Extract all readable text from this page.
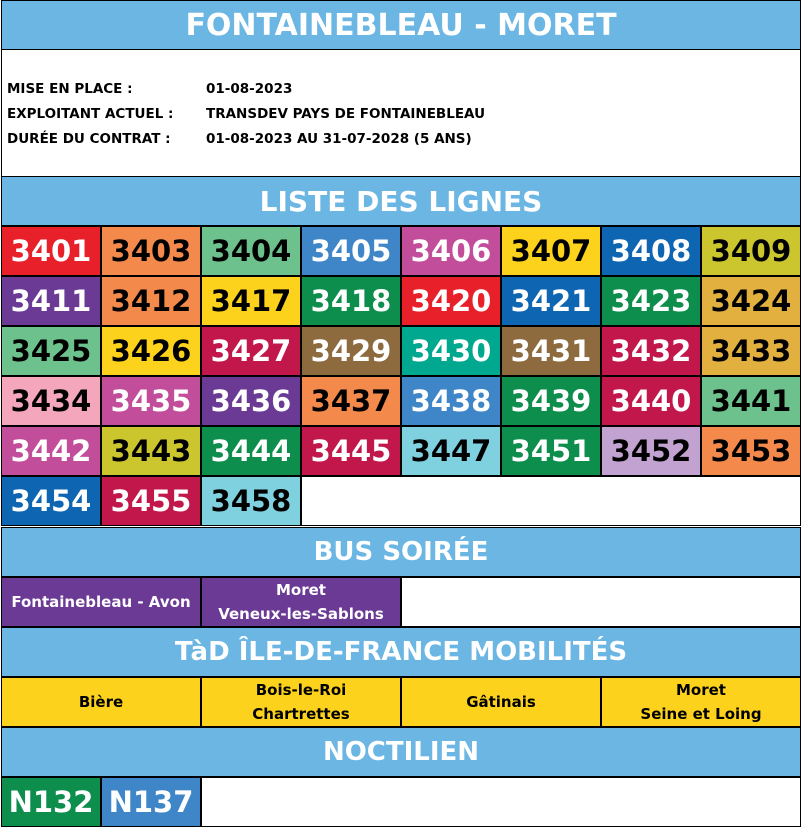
FONTAINEBLEAU - MORET
MISE EN PLACE :	01-08-2023
EXPLOITANT ACTUEL : TRANSDEV PAYS DE FONTAINEBLEAU
DURÉE DU CONTRAT :	01-08-2023 AU 31-07-2028 (5 ANS)
LISTE DES LIGNES
3401 3403 3404 3405 3406 3407 3408 3409
3411 3412 3417 3418 3420 3421 3423 3424
3425 3426 3427 3429 3430 3431 3432 3433
3434 3435 3436 3437 3438 3439 3440 3441
3442 3443 3444 3445 3447 3451 3452 3453
3454 3455 3458
BUS SOIRÉE
Fontainebleau - Avon
Moret
Veneux-les-Sablons
TàD ÎLE-DE-FRANCE MOBILITÉS
Bière
Bois-le-Roi
Chartrettes
Gâtinais
Moret
Seine et Loing
NOCTILIEN
N132 N137
